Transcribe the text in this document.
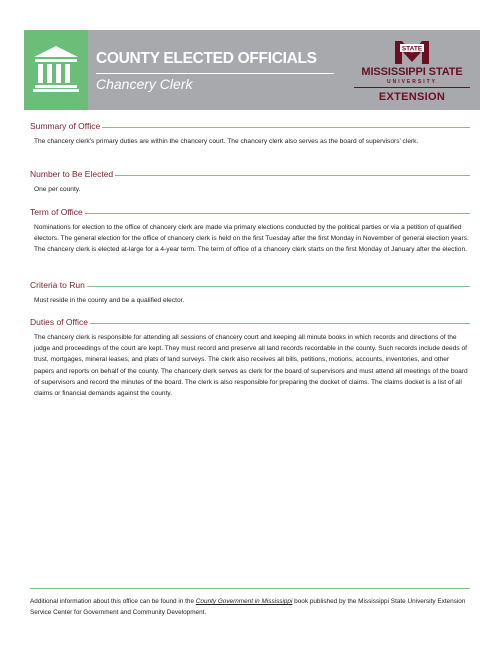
COUNTY ELECTED OFFICIALS
Chancery Clerk
STATE
MISSISSIPPI STATE
UNIVERSITY
EXTENSION
Summary of Office
The chancery clerk’s primary duties are within the chancery court. The chancery clerk also serves as the board of supervisors’ clerk.
Number to Be Elected
One per county.
Term of Office
Nominations for election to the office of chancery clerk are made via primary elections conducted by the political parties or via a petition of qualified electors. The general election for the office of chancery clerk is held on the first Tuesday after the first Monday in November of general election years. The chancery clerk is elected at-large for a 4-year term. The term of office of a chancery clerk starts on the first Monday of January after the election.
Criteria to Run
Must reside in the county and be a qualified elector.
Duties of Office
The chancery clerk is responsible for attending all sessions of chancery court and keeping all minute books in which records and directions of the judge and proceedings of the court are kept. They must record and preserve all land records recordable in the county. Such records include deeds of trust, mortgages, mineral leases, and plats of land surveys. The clerk also receives all bills, petitions, motions, accounts, inventories, and other papers and reports on behalf of the county. The chancery clerk serves as clerk for the board of supervisors and must attend all meetings of the board of supervisors and record the minutes of the board. The clerk is also responsible for preparing the docket of claims. The claims docket is a list of all claims or financial demands against the county.
Additional information about this office can be found in the County Government in Mississippi book published by the Mississippi State University Extension Service Center for Government and Community Development.
